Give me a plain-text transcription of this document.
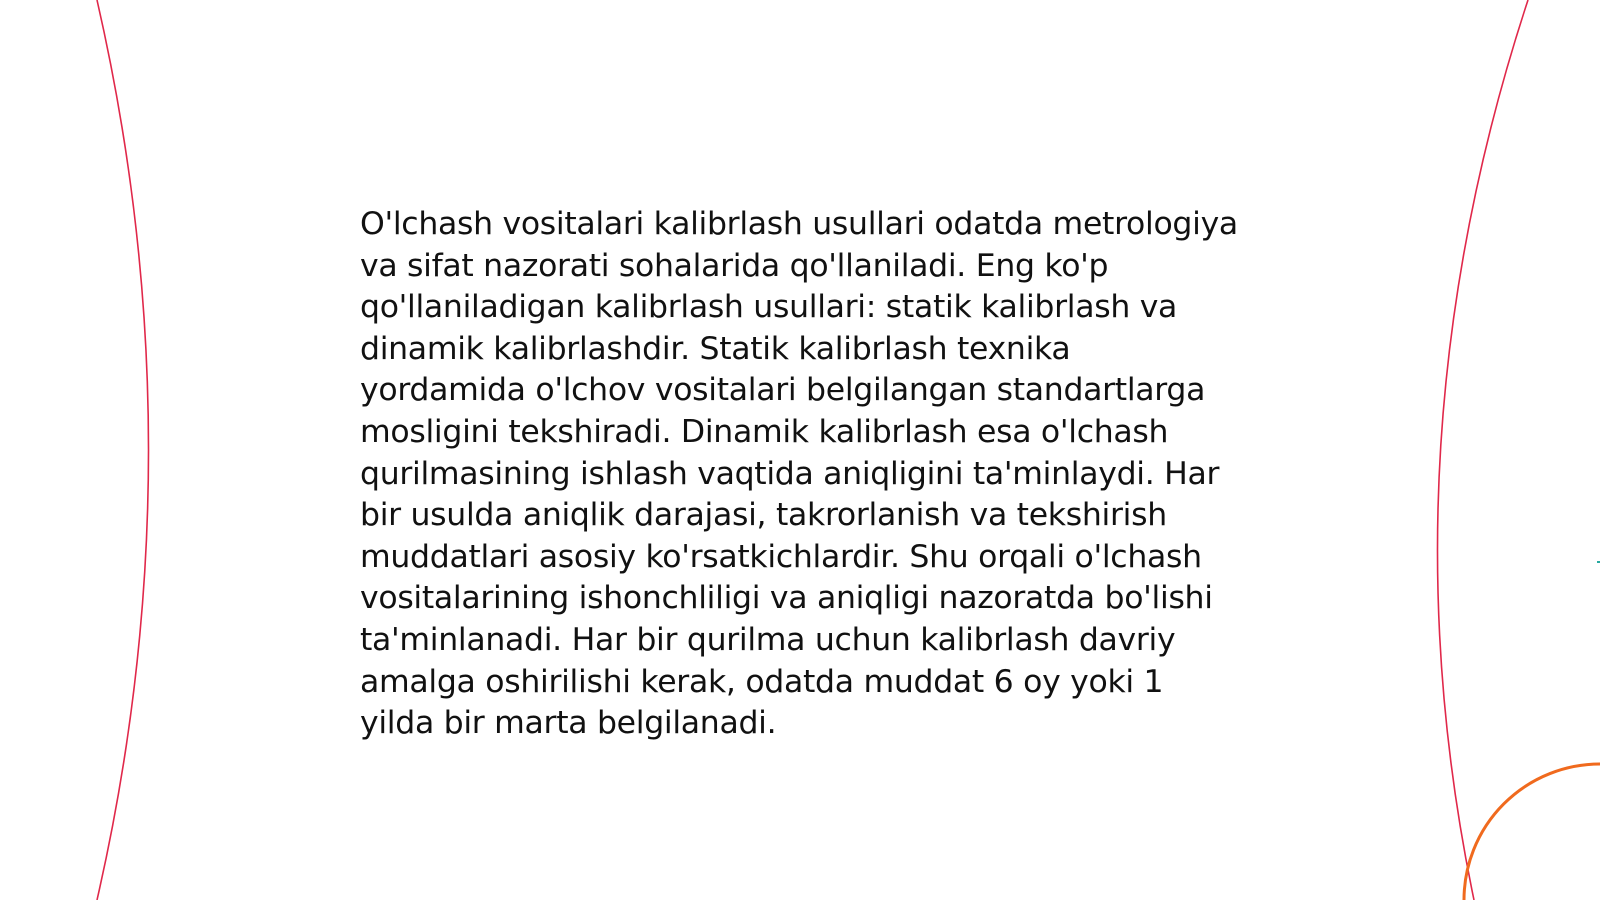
O'lchash vositalari kalibrlash usullari odatda metrologiya va sifat nazorati sohalarida qo'llaniladi. Eng ko'p qo'llaniladigan kalibrlash usullari: statik kalibrlash va dinamik kalibrlashdir. Statik kalibrlash texnika yordamida o'lchov vositalari belgilangan standartlarga mosligini tekshiradi. Dinamik kalibrlash esa o'lchash qurilmasining ishlash vaqtida aniqligini ta'minlaydi. Har bir usulda aniqlik darajasi, takrorlanish va tekshirish muddatlari asosiy ko'rsatkichlardir. Shu orqali o'lchash vositalarining ishonchliligi va aniqligi nazoratda bo'lishi ta'minlanadi. Har bir qurilma uchun kalibrlash davriy amalga oshirilishi kerak, odatda muddat 6 oy yoki 1 yilda bir marta belgilanadi.
